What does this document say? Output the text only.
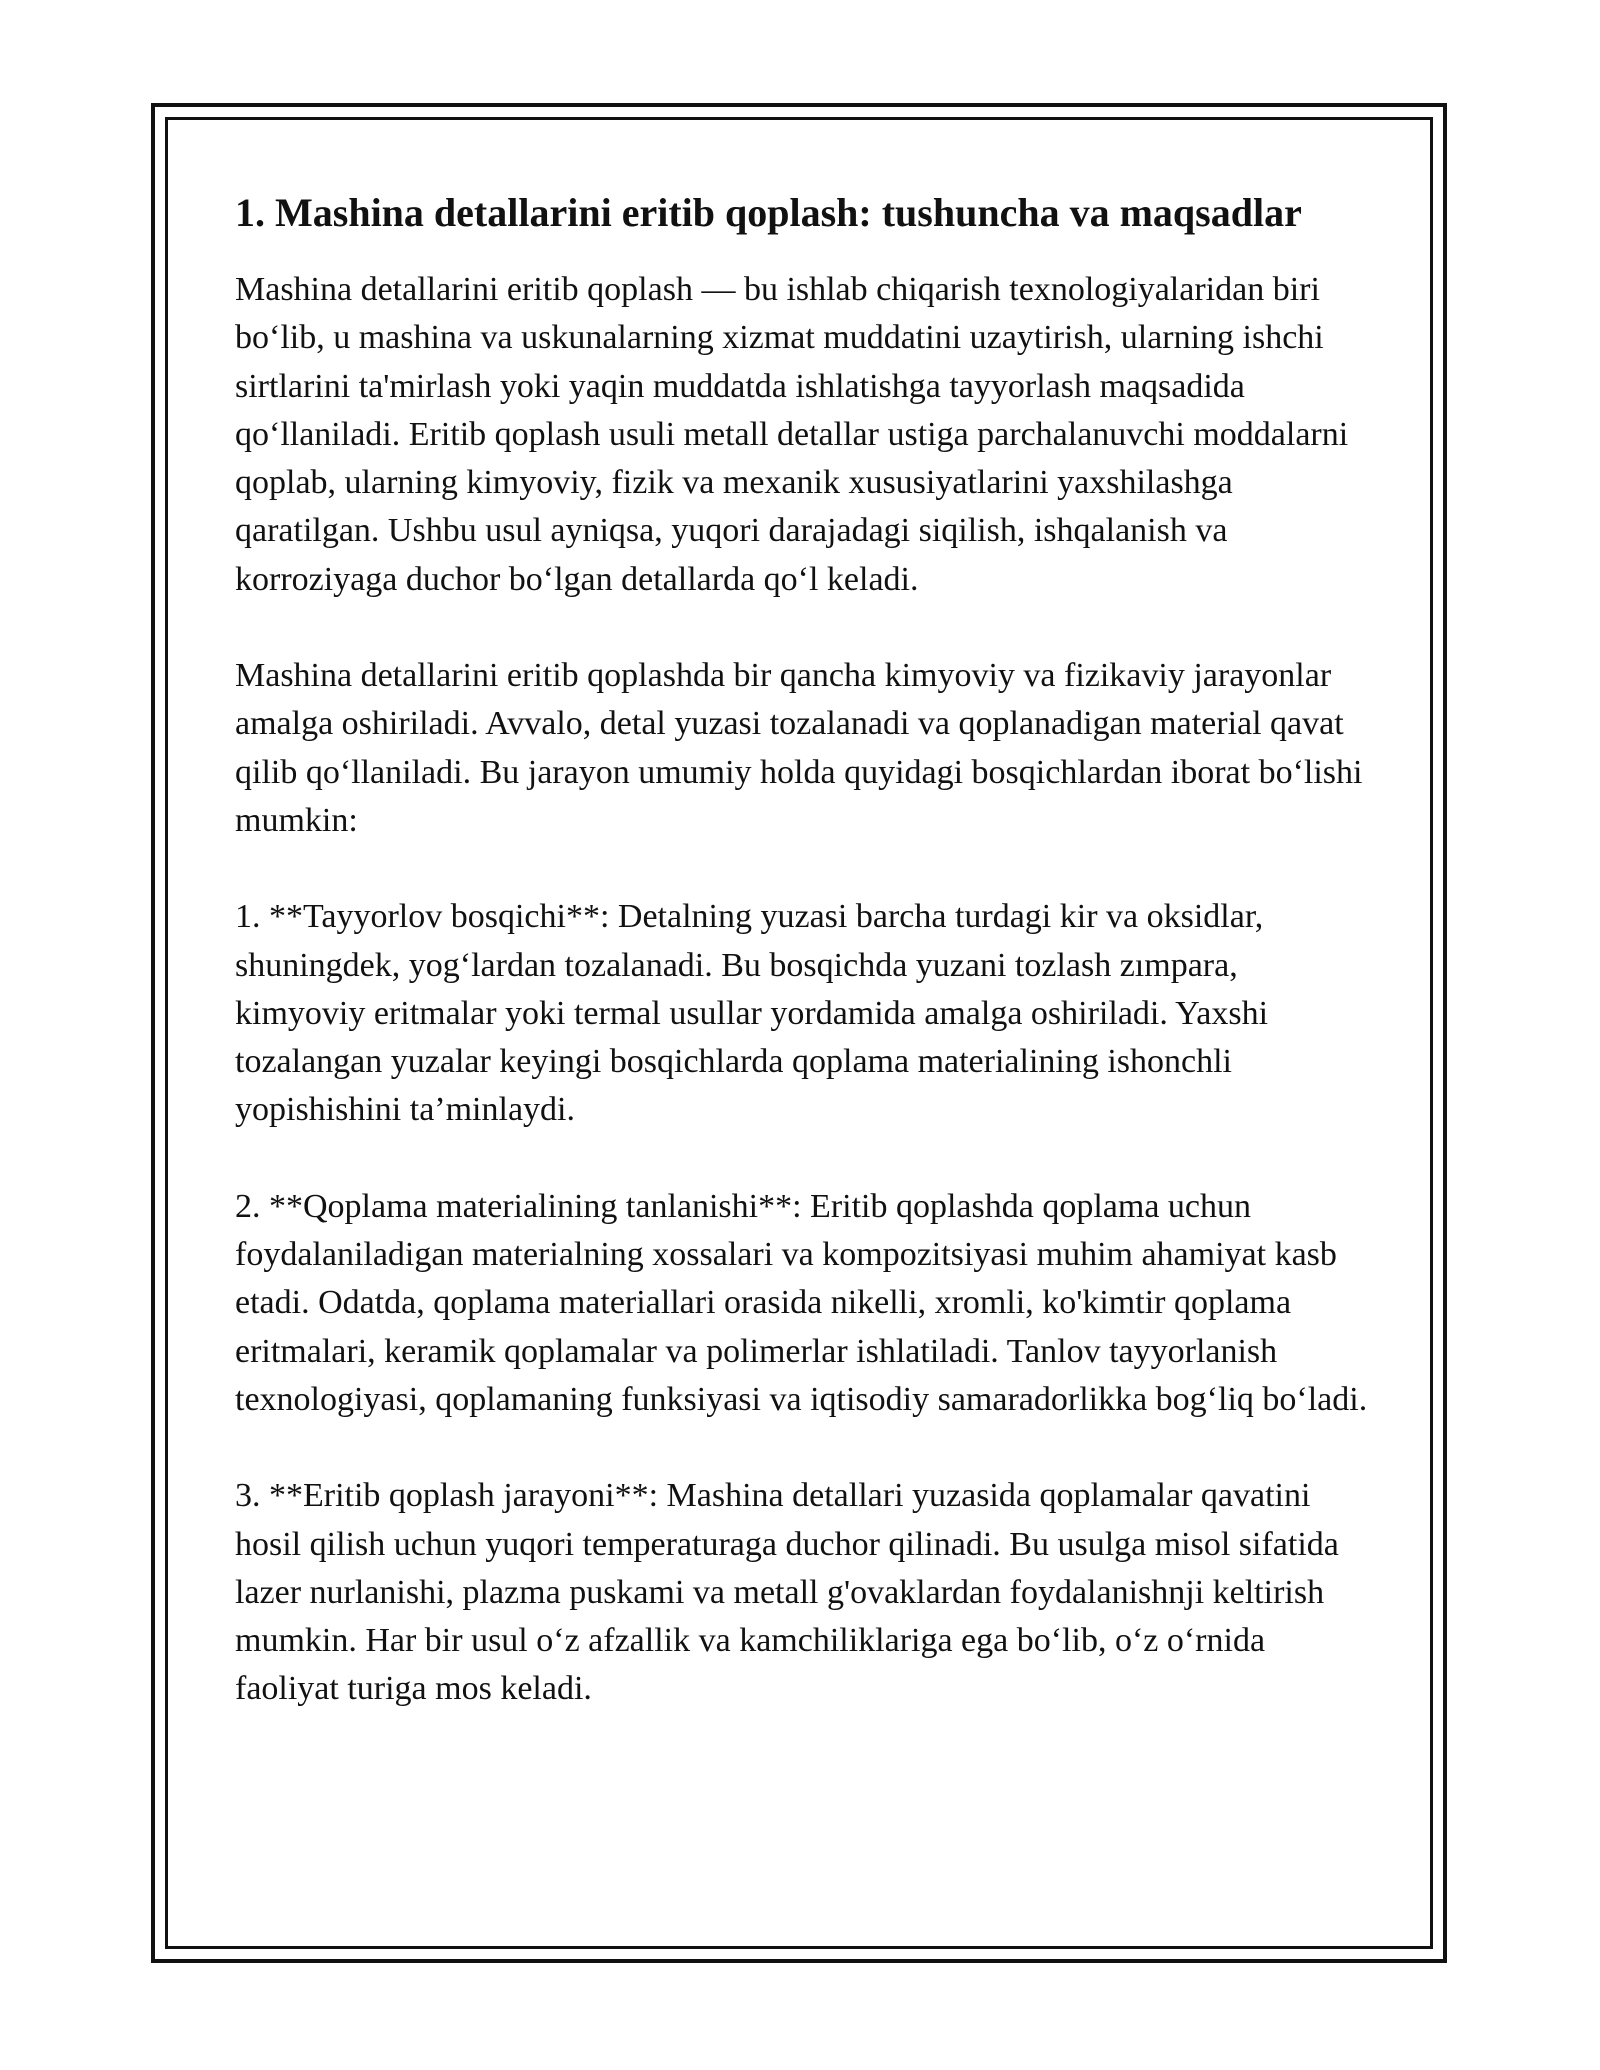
1. Mashina detallarini eritib qoplash: tushuncha va maqsadlar

Mashina detallarini eritib qoplash — bu ishlab chiqarish texnologiyalaridan biri bo‘lib, u mashina va uskunalarning xizmat muddatini uzaytirish, ularning ishchi sirtlarini ta'mirlash yoki yaqin muddatda ishlatishga tayyorlash maqsadida qo‘llaniladi. Eritib qoplash usuli metall detallar ustiga parchalanuvchi moddalarni qoplab, ularning kimyoviy, fizik va mexanik xususiyatlarini yaxshilashga qaratilgan. Ushbu usul ayniqsa, yuqori darajadagi siqilish, ishqalanish va korroziyaga duchor bo‘lgan detallarda qo‘l keladi.

Mashina detallarini eritib qoplashda bir qancha kimyoviy va fizikaviy jarayonlar amalga oshiriladi. Avvalo, detal yuzasi tozalanadi va qoplanadigan material qavat qilib qo‘llaniladi. Bu jarayon umumiy holda quyidagi bosqichlardan iborat bo‘lishi mumkin:

1. **Tayyorlov bosqichi**: Detalning yuzasi barcha turdagi kir va oksidlar, shuningdek, yog‘lardan tozalanadi. Bu bosqichda yuzani tozlash zımpara, kimyoviy eritmalar yoki termal usullar yordamida amalga oshiriladi. Yaxshi tozalangan yuzalar keyingi bosqichlarda qoplama materialining ishonchli yopishishini ta’minlaydi.

2. **Qoplama materialining tanlanishi**: Eritib qoplashda qoplama uchun foydalaniladigan materialning xossalari va kompozitsiyasi muhim ahamiyat kasb etadi. Odatda, qoplama materiallari orasida nikelli, xromli, ko'kimtir qoplama eritmalari, keramik qoplamalar va polimerlar ishlatiladi. Tanlov tayyorlanish texnologiyasi, qoplamaning funksiyasi va iqtisodiy samaradorlikka bog‘liq bo‘ladi.

3. **Eritib qoplash jarayoni**: Mashina detallari yuzasida qoplamalar qavatini hosil qilish uchun yuqori temperaturaga duchor qilinadi. Bu usulga misol sifatida lazer nurlanishi, plazma puskami va metall g'ovaklardan foydalanishnji keltirish mumkin. Har bir usul o‘z afzallik va kamchiliklariga ega bo‘lib, o‘z o‘rnida faoliyat turiga mos keladi.
